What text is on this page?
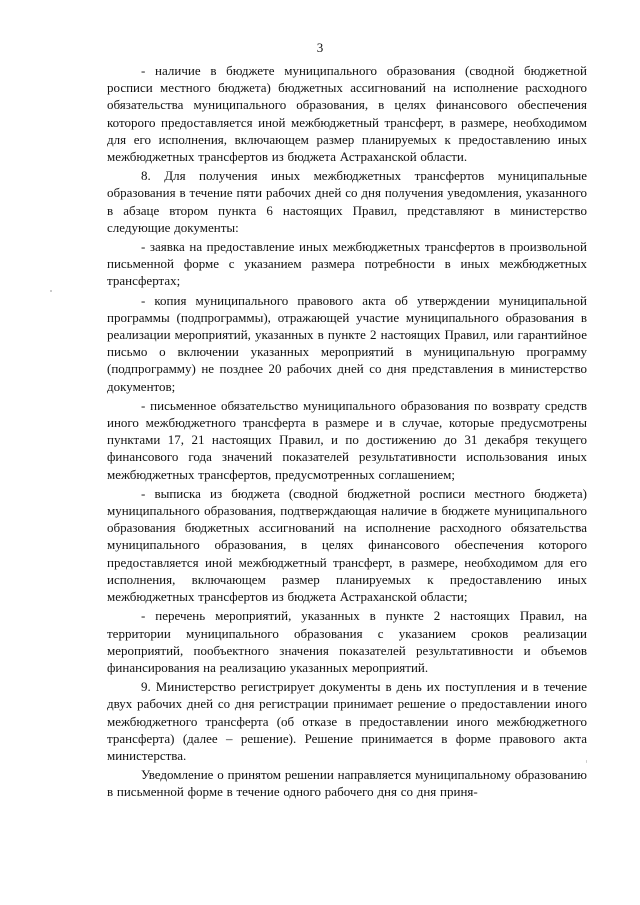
3

- наличие в бюджете муниципального образования (сводной бюджетной росписи местного бюджета) бюджетных ассигнований на исполнение расходного обязательства муниципального образования, в целях финансового обеспечения которого предоставляется иной межбюджетный трансферт, в размере, необходимом для его исполнения, включающем размер планируемых к предоставлению иных межбюджетных трансфертов из бюджета Астраханской области.

8. Для получения иных межбюджетных трансфертов муниципальные образования в течение пяти рабочих дней со дня получения уведомления, указанного в абзаце втором пункта 6 настоящих Правил, представляют в министерство следующие документы:

- заявка на предоставление иных межбюджетных трансфертов в произвольной письменной форме с указанием размера потребности в иных межбюджетных трансфертах;

- копия муниципального правового акта об утверждении муниципальной программы (подпрограммы), отражающей участие муниципального образования в реализации мероприятий, указанных в пункте 2 настоящих Правил, или гарантийное письмо о включении указанных мероприятий в муниципальную программу (подпрограмму) не позднее 20 рабочих дней со дня представления в министерство документов;

- письменное обязательство муниципального образования по возврату средств иного межбюджетного трансферта в размере и в случае, которые предусмотрены пунктами 17, 21 настоящих Правил, и по достижению до 31 декабря текущего финансового года значений показателей результативности использования иных межбюджетных трансфертов, предусмотренных соглашением;

- выписка из бюджета (сводной бюджетной росписи местного бюджета) муниципального образования, подтверждающая наличие в бюджете муниципального образования бюджетных ассигнований на исполнение расходного обязательства муниципального образования, в целях финансового обеспечения которого предоставляется иной межбюджетный трансферт, в размере, необходимом для его исполнения, включающем размер планируемых к предоставлению иных межбюджетных трансфертов из бюджета Астраханской области;

- перечень мероприятий, указанных в пункте 2 настоящих Правил, на территории муниципального образования с указанием сроков реализации мероприятий, пообъектного значения показателей результативности и объемов финансирования на реализацию указанных мероприятий.

9. Министерство регистрирует документы в день их поступления и в течение двух рабочих дней со дня регистрации принимает решение о предоставлении иного межбюджетного трансферта (об отказе в предоставлении иного межбюджетного трансферта) (далее – решение). Решение принимается в форме правового акта министерства.

Уведомление о принятом решении направляется муниципальному образованию в письменной форме в течение одного рабочего дня со дня приня-
